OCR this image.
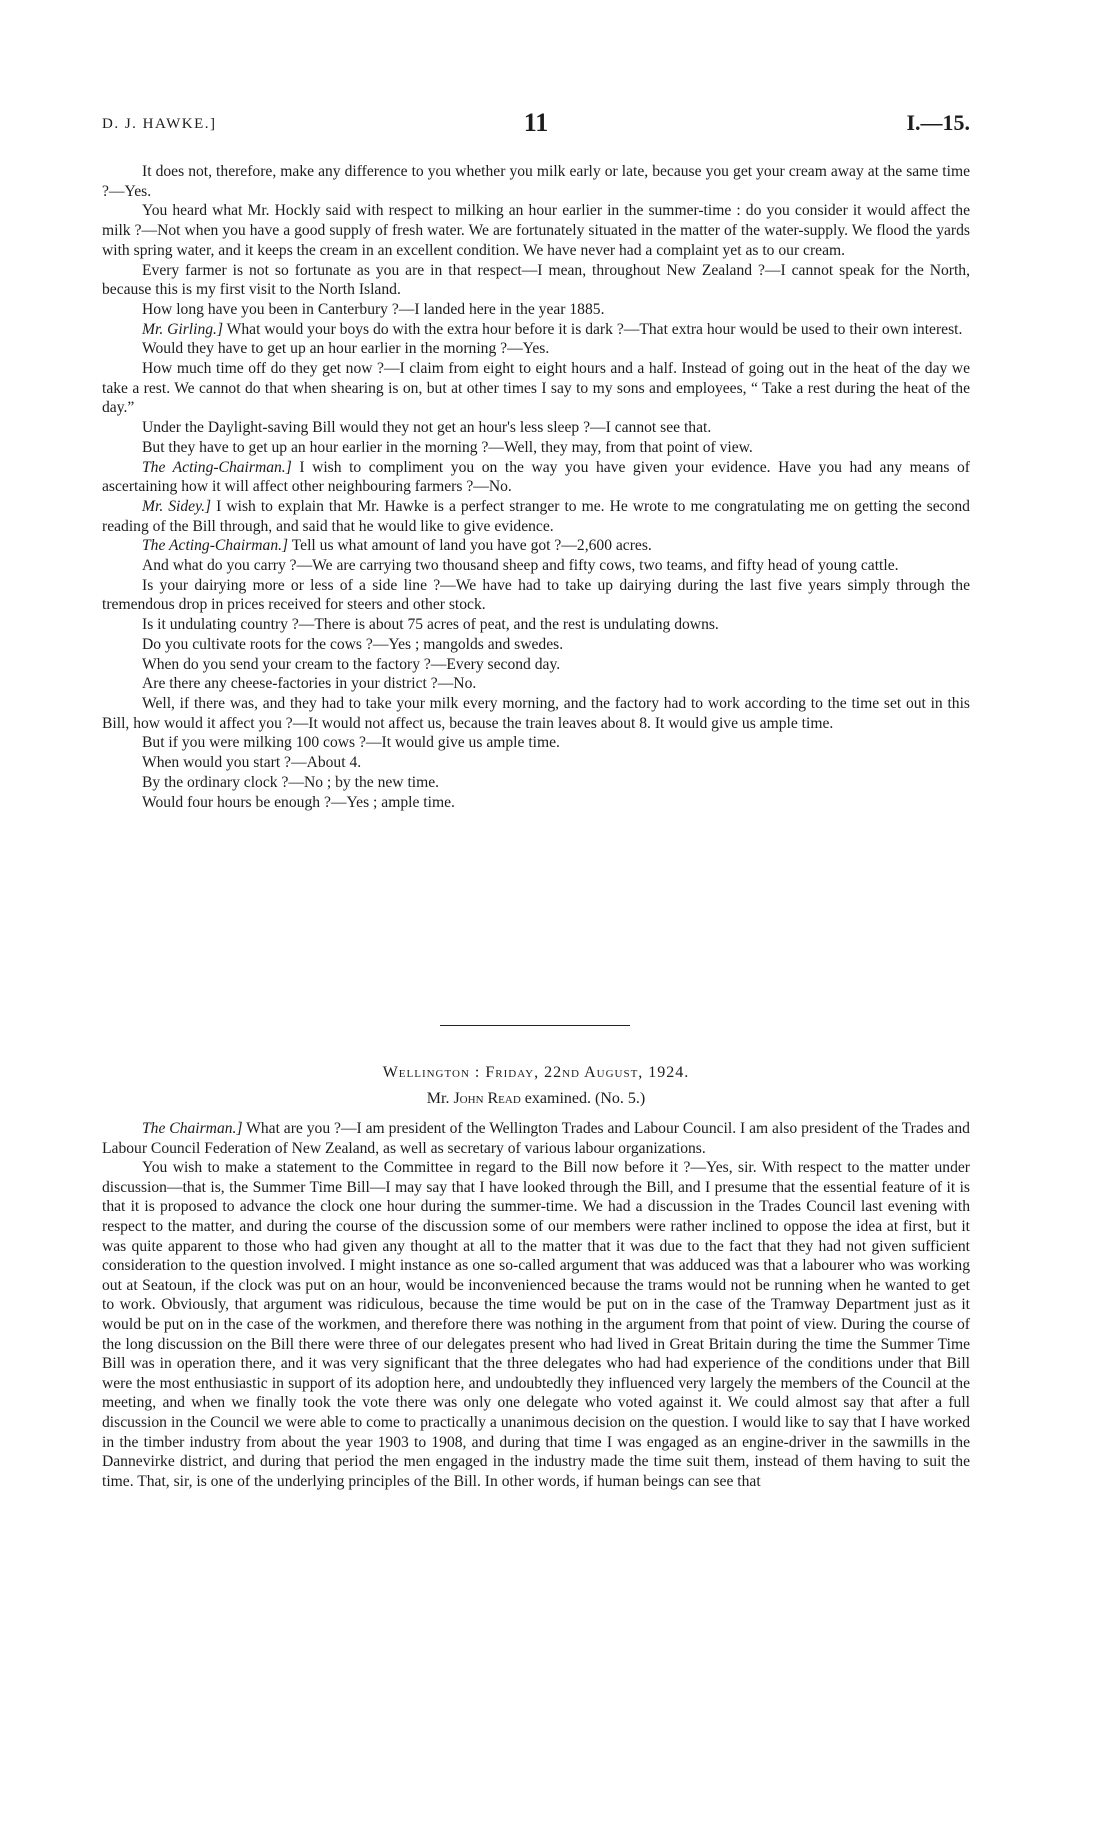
D. J. HAWKE.]	11	I.—15.

It does not, therefore, make any difference to you whether you milk early or late, because you get your cream away at the same time ?—Yes.

You heard what Mr. Hockly said with respect to milking an hour earlier in the summer-time : do you consider it would affect the milk ?—Not when you have a good supply of fresh water. We are fortunately situated in the matter of the water-supply. We flood the yards with spring water, and it keeps the cream in an excellent condition. We have never had a complaint yet as to our cream.

Every farmer is not so fortunate as you are in that respect—I mean, throughout New Zealand ?—I cannot speak for the North, because this is my first visit to the North Island.

How long have you been in Canterbury ?—I landed here in the year 1885.

Mr. Girling.] What would your boys do with the extra hour before it is dark ?—That extra hour would be used to their own interest.

Would they have to get up an hour earlier in the morning ?—Yes.

How much time off do they get now ?—I claim from eight to eight hours and a half. Instead of going out in the heat of the day we take a rest. We cannot do that when shearing is on, but at other times I say to my sons and employees, “ Take a rest during the heat of the day.”

Under the Daylight-saving Bill would they not get an hour's less sleep ?—I cannot see that.

But they have to get up an hour earlier in the morning ?—Well, they may, from that point of view.

The Acting-Chairman.] I wish to compliment you on the way you have given your evidence. Have you had any means of ascertaining how it will affect other neighbouring farmers ?—No.

Mr. Sidey.] I wish to explain that Mr. Hawke is a perfect stranger to me. He wrote to me congratulating me on getting the second reading of the Bill through, and said that he would like to give evidence.

The Acting-Chairman.] Tell us what amount of land you have got ?—2,600 acres.

And what do you carry ?—We are carrying two thousand sheep and fifty cows, two teams, and fifty head of young cattle.

Is your dairying more or less of a side line ?—We have had to take up dairying during the last five years simply through the tremendous drop in prices received for steers and other stock.

Is it undulating country ?—There is about 75 acres of peat, and the rest is undulating downs.

Do you cultivate roots for the cows ?—Yes ; mangolds and swedes.

When do you send your cream to the factory ?—Every second day.

Are there any cheese-factories in your district ?—No.

Well, if there was, and they had to take your milk every morning, and the factory had to work according to the time set out in this Bill, how would it affect you ?—It would not affect us, because the train leaves about 8. It would give us ample time.

But if you were milking 100 cows ?—It would give us ample time.

When would you start ?—About 4.

By the ordinary clock ?—No ; by the new time.

Would four hours be enough ?—Yes ; ample time.

Wellington : Friday, 22nd August, 1924.
Mr. John Read examined. (No. 5.)

The Chairman.] What are you ?—I am president of the Wellington Trades and Labour Council. I am also president of the Trades and Labour Council Federation of New Zealand, as well as secretary of various labour organizations.

You wish to make a statement to the Committee in regard to the Bill now before it ?—Yes, sir. With respect to the matter under discussion—that is, the Summer Time Bill—I may say that I have looked through the Bill, and I presume that the essential feature of it is that it is proposed to advance the clock one hour during the summer-time. We had a discussion in the Trades Council last evening with respect to the matter, and during the course of the discussion some of our members were rather inclined to oppose the idea at first, but it was quite apparent to those who had given any thought at all to the matter that it was due to the fact that they had not given sufficient consideration to the question involved. I might instance as one so-called argument that was adduced was that a labourer who was working out at Seatoun, if the clock was put on an hour, would be inconvenienced because the trams would not be running when he wanted to get to work. Obviously, that argument was ridiculous, because the time would be put on in the case of the Tramway Department just as it would be put on in the case of the workmen, and therefore there was nothing in the argument from that point of view. During the course of the long discussion on the Bill there were three of our delegates present who had lived in Great Britain during the time the Summer Time Bill was in operation there, and it was very significant that the three delegates who had had experience of the conditions under that Bill were the most enthusiastic in support of its adoption here, and undoubtedly they influenced very largely the members of the Council at the meeting, and when we finally took the vote there was only one delegate who voted against it. We could almost say that after a full discussion in the Council we were able to come to practically a unanimous decision on the question. I would like to say that I have worked in the timber industry from about the year 1903 to 1908, and during that time I was engaged as an engine-driver in the sawmills in the Dannevirke district, and during that period the men engaged in the industry made the time suit them, instead of them having to suit the time. That, sir, is one of the underlying principles of the Bill. In other words, if human beings can see that
